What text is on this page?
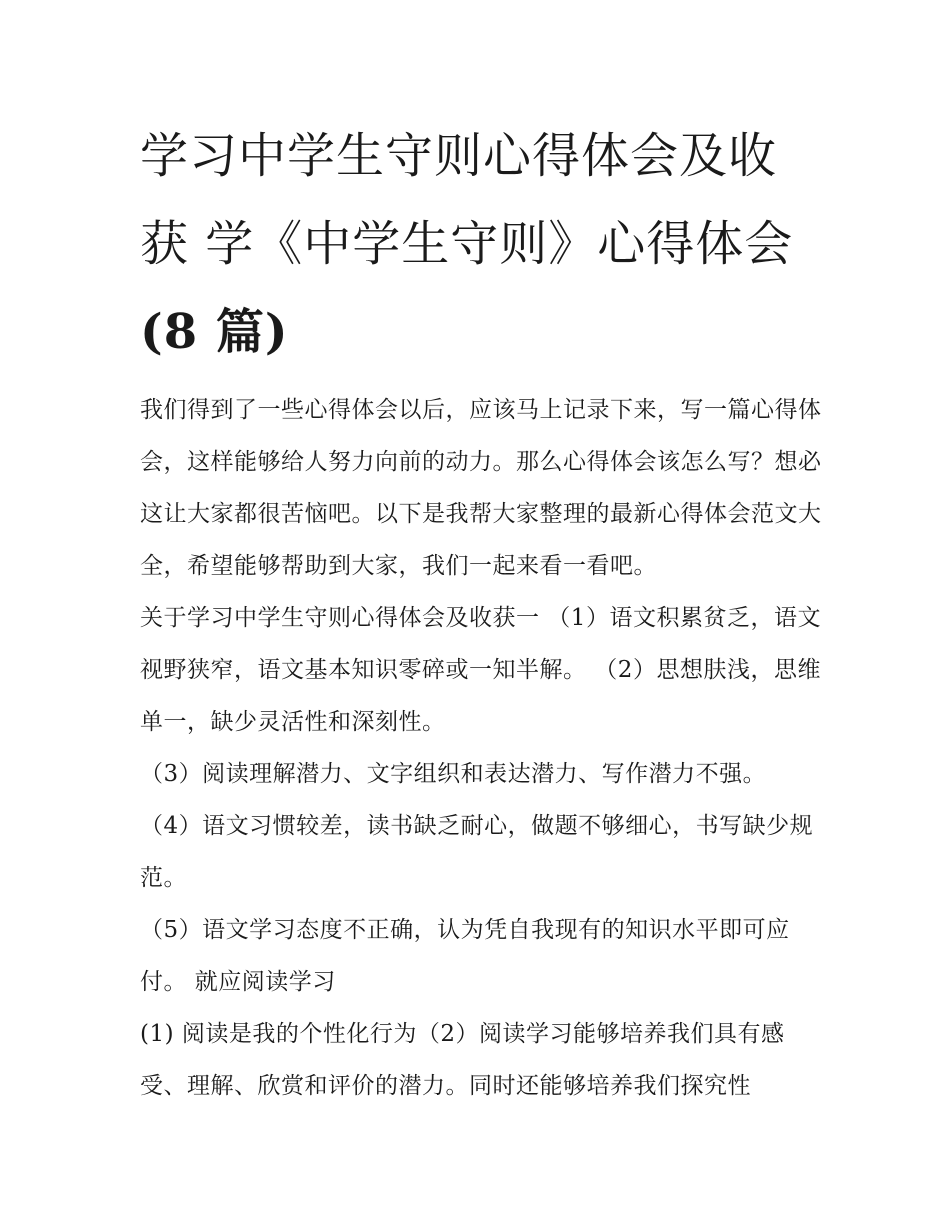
学习中学生守则心得体会及收
获 学《中学生守则》心得体会
(8 篇)

我们得到了一些心得体会以后，应该马上记录下来，写一篇心得体会，这样能够给人努力向前的动力。那么心得体会该怎么写？想必这让大家都很苦恼吧。以下是我帮大家整理的最新心得体会范文大全，希望能够帮助到大家，我们一起来看一看吧。

关于学习中学生守则心得体会及收获一 （1）语文积累贫乏，语文视野狭窄，语文基本知识零碎或一知半解。 （2）思想肤浅，思维单一，缺少灵活性和深刻性。

（3）阅读理解潜力、文字组织和表达潜力、写作潜力不强。

（4）语文习惯较差，读书缺乏耐心，做题不够细心，书写缺少规范。

（5）语文学习态度不正确，认为凭自我现有的知识水平即可应付。 就应阅读学习

(1) 阅读是我的个性化行为（2）阅读学习能够培养我们具有感受、理解、欣赏和评价的潜力。同时还能够培养我们探究性
